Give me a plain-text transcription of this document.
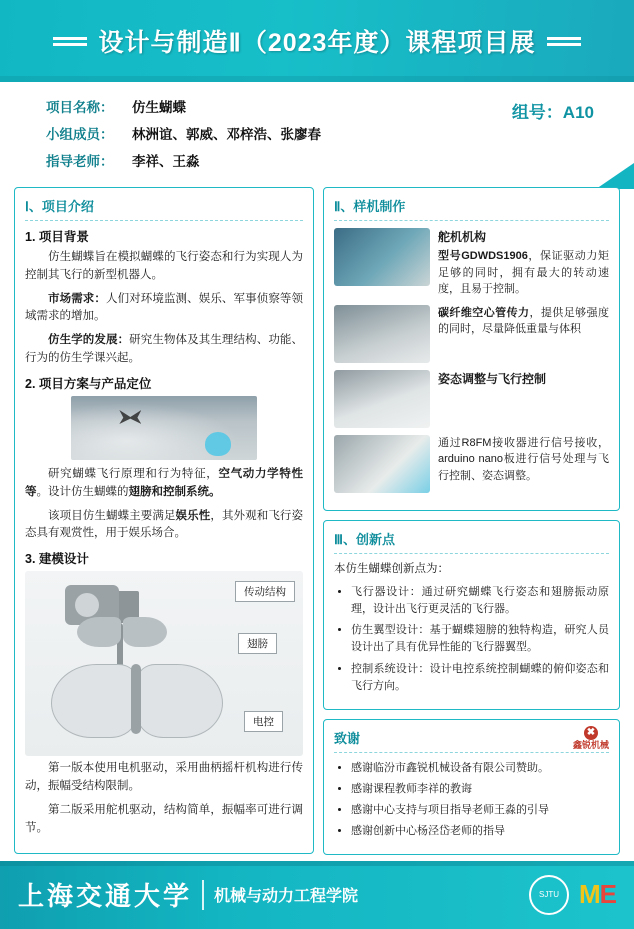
设计与制造Ⅱ（2023年度）课程项目展
项目名称：	仿生蝴蝶
小组成员：	林洲谊、郭威、邓梓浩、张廖春
指导老师：	李祥、王淼
组号：A10
Ⅰ、项目介绍
1. 项目背景

仿生蝴蝶旨在模拟蝴蝶的飞行姿态和行为实现人为控制其飞行的新型机器人。

市场需求：人们对环境监测、娱乐、军事侦察等领域需求的增加。

仿生学的发展：研究生物体及其生理结构、功能、行为的仿生学课兴起。

2. 项目方案与产品定位

研究蝴蝶飞行原理和行为特征，空气动力学特性等。设计仿生蝴蝶的翅膀和控制系统。

该项目仿生蝴蝶主要满足娱乐性，其外观和飞行姿态具有观赏性，用于娱乐场合。

3. 建模设计
传动结构
翅膀
电控

第一版本使用电机驱动，采用曲柄摇杆机构进行传动，振幅受结构限制。

第二版采用舵机驱动，结构简单，振幅率可进行调节。

Ⅱ、样机制作
舵机机构
型号GDWDS1906，保证驱动力矩足够的同时，拥有最大的转动速度，且易于控制。
碳纤维空心管传力，提供足够强度的同时，尽量降低重量与体积
姿态调整与飞行控制
通过R8FM接收器进行信号接收，arduino nano板进行信号处理与飞行控制、姿态调整。
Ⅲ、创新点

本仿生蝴蝶创新点为：

• 飞行器设计：通过研究蝴蝶飞行姿态和翅膀振动原理，设计出飞行更灵活的飞行器。
• 仿生翼型设计：基于蝴蝶翅膀的独特构造，研究人员设计出了具有优异性能的飞行器翼型。
• 控制系统设计：设计电控系统控制蝴蝶的俯仰姿态和飞行方向。
致谢	✖
鑫锐机械
• 感谢临汾市鑫锐机械设备有限公司赞助。
• 感谢课程教师李祥的教诲
• 感谢中心支持与项目指导老师王淼的引导
• 感谢创新中心杨泾岱老师的指导
上海交通大学 机械与动力工程学院	SJTU ME
